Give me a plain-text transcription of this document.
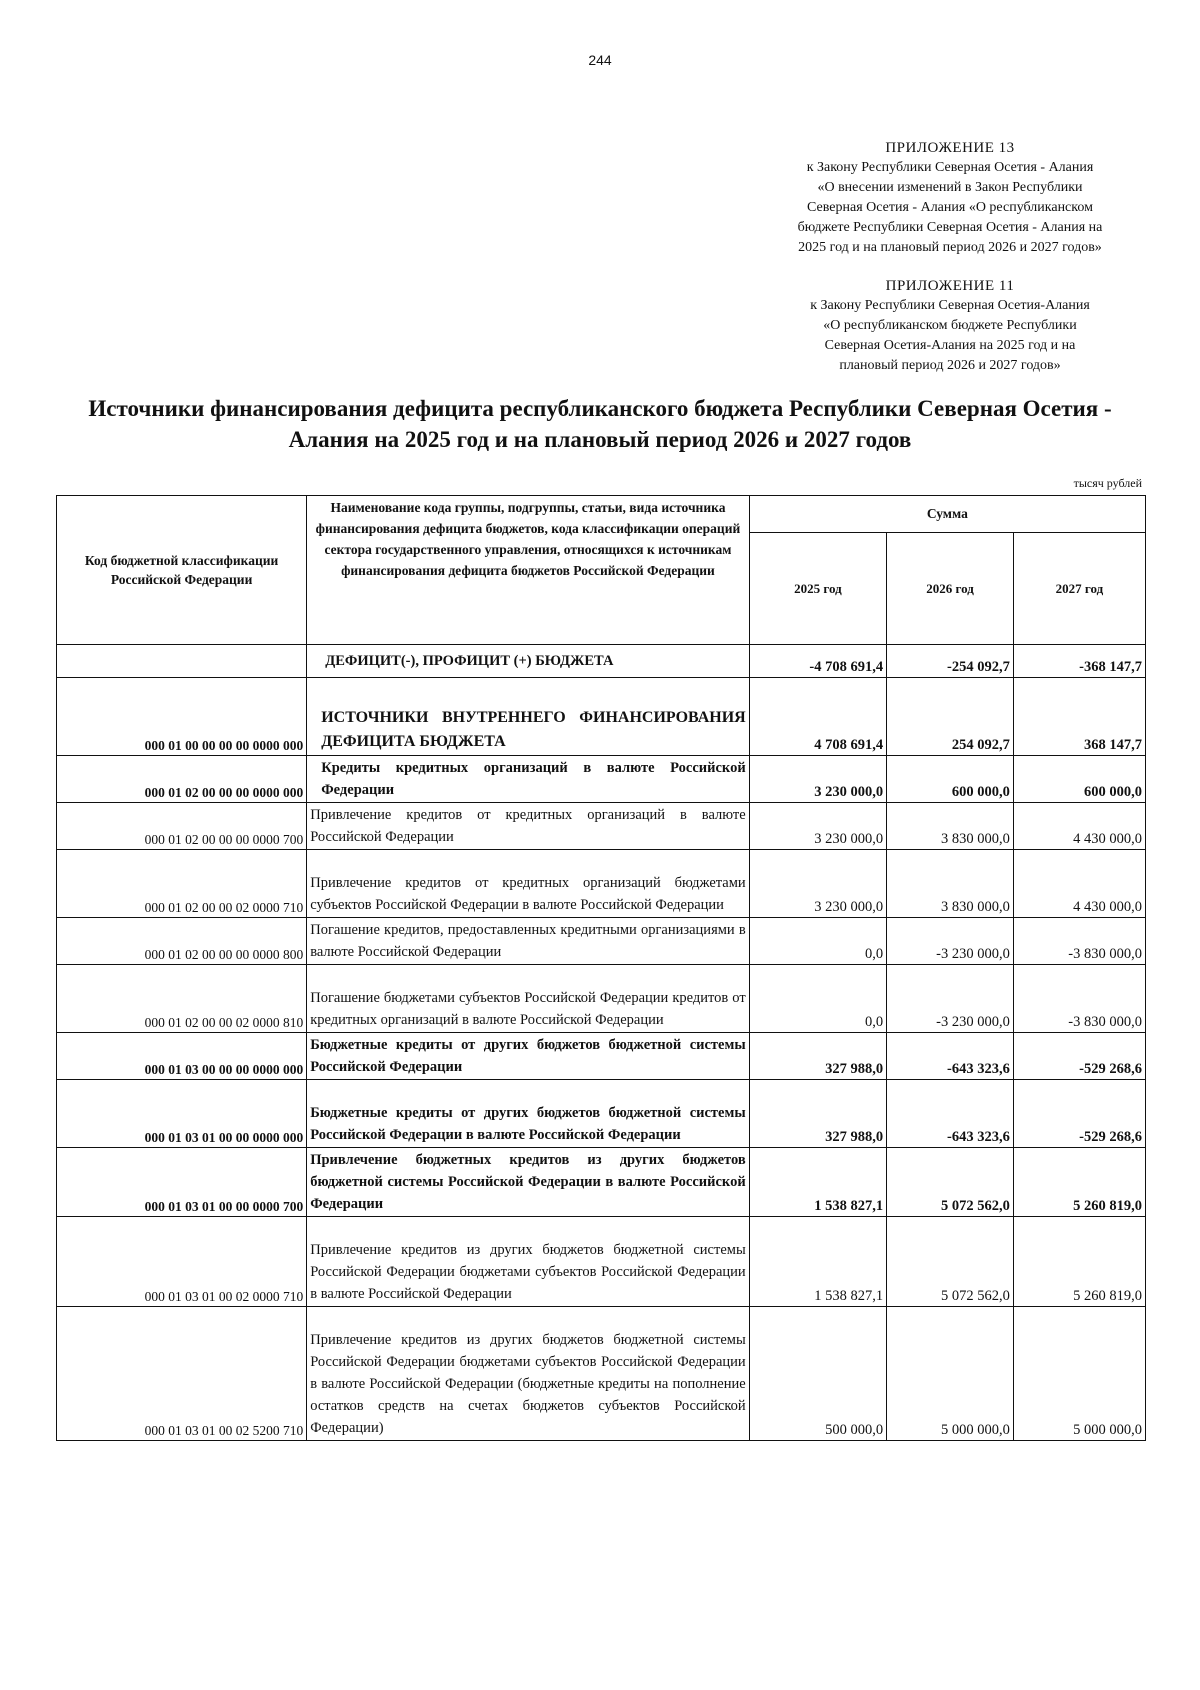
244
ПРИЛОЖЕНИЕ 13
к Закону Республики Северная Осетия - Алания
«О внесении изменений в Закон Республики
Северная Осетия - Алания «О республиканском
бюджете Республики Северная Осетия - Алания на
2025 год и на плановый период 2026 и 2027 годов»
ПРИЛОЖЕНИЕ 11
к Закону Республики Северная Осетия-Алания
«О республиканском бюджете Республики
Северная Осетия-Алания на 2025 год и на
плановый период 2026 и 2027 годов»
Источники финансирования дефицита республиканского бюджета Республики Северная Осетия -
Алания на 2025 год и на плановый период 2026 и 2027 годов
тысяч рублей
Код бюджетной классификации Российской Федерации	Наименование кода группы, подгруппы, статьи, вида источника финансирования дефицита бюджетов, кода классификации операций сектора государственного управления, относящихся к источникам финансирования дефицита бюджетов Российской Федерации	Сумма		
		2025 год	2026 год	2027 год
	ДЕФИЦИТ(-), ПРОФИЦИТ (+) БЮДЖЕТА	-4 708 691,4	-254 092,7	-368 147,7
000 01 00 00 00 00 0000 000	ИСТОЧНИКИ ВНУТРЕННЕГО ФИНАНСИРОВАНИЯ ДЕФИЦИТА БЮДЖЕТА	4 708 691,4	254 092,7	368 147,7
000 01 02 00 00 00 0000 000	Кредиты кредитных организаций в валюте Российской Федерации	3 230 000,0	600 000,0	600 000,0
000 01 02 00 00 00 0000 700	Привлечение кредитов от кредитных организаций в валюте Российской Федерации	3 230 000,0	3 830 000,0	4 430 000,0
000 01 02 00 00 02 0000 710	Привлечение кредитов от кредитных организаций бюджетами субъектов Российской Федерации в валюте Российской Федерации	3 230 000,0	3 830 000,0	4 430 000,0
000 01 02 00 00 00 0000 800	Погашение кредитов, предоставленных кредитными организациями в валюте Российской Федерации	0,0	-3 230 000,0	-3 830 000,0
000 01 02 00 00 02 0000 810	Погашение бюджетами субъектов Российской Федерации кредитов от кредитных организаций в валюте Российской Федерации	0,0	-3 230 000,0	-3 830 000,0
000 01 03 00 00 00 0000 000	Бюджетные кредиты от других бюджетов бюджетной системы Российской Федерации	327 988,0	-643 323,6	-529 268,6
000 01 03 01 00 00 0000 000	Бюджетные кредиты от других бюджетов бюджетной системы Российской Федерации в валюте Российской Федерации	327 988,0	-643 323,6	-529 268,6
000 01 03 01 00 00 0000 700	Привлечение бюджетных кредитов из других бюджетов бюджетной системы Российской Федерации в валюте Российской Федерации	1 538 827,1	5 072 562,0	5 260 819,0
000 01 03 01 00 02 0000 710	Привлечение кредитов из других бюджетов бюджетной системы Российской Федерации бюджетами субъектов Российской Федерации в валюте Российской Федерации	1 538 827,1	5 072 562,0	5 260 819,0
000 01 03 01 00 02 5200 710	Привлечение кредитов из других бюджетов бюджетной системы Российской Федерации бюджетами субъектов Российской Федерации в валюте Российской Федерации (бюджетные кредиты на пополнение остатков средств на счетах бюджетов субъектов Российской Федерации)	500 000,0	5 000 000,0	5 000 000,0
